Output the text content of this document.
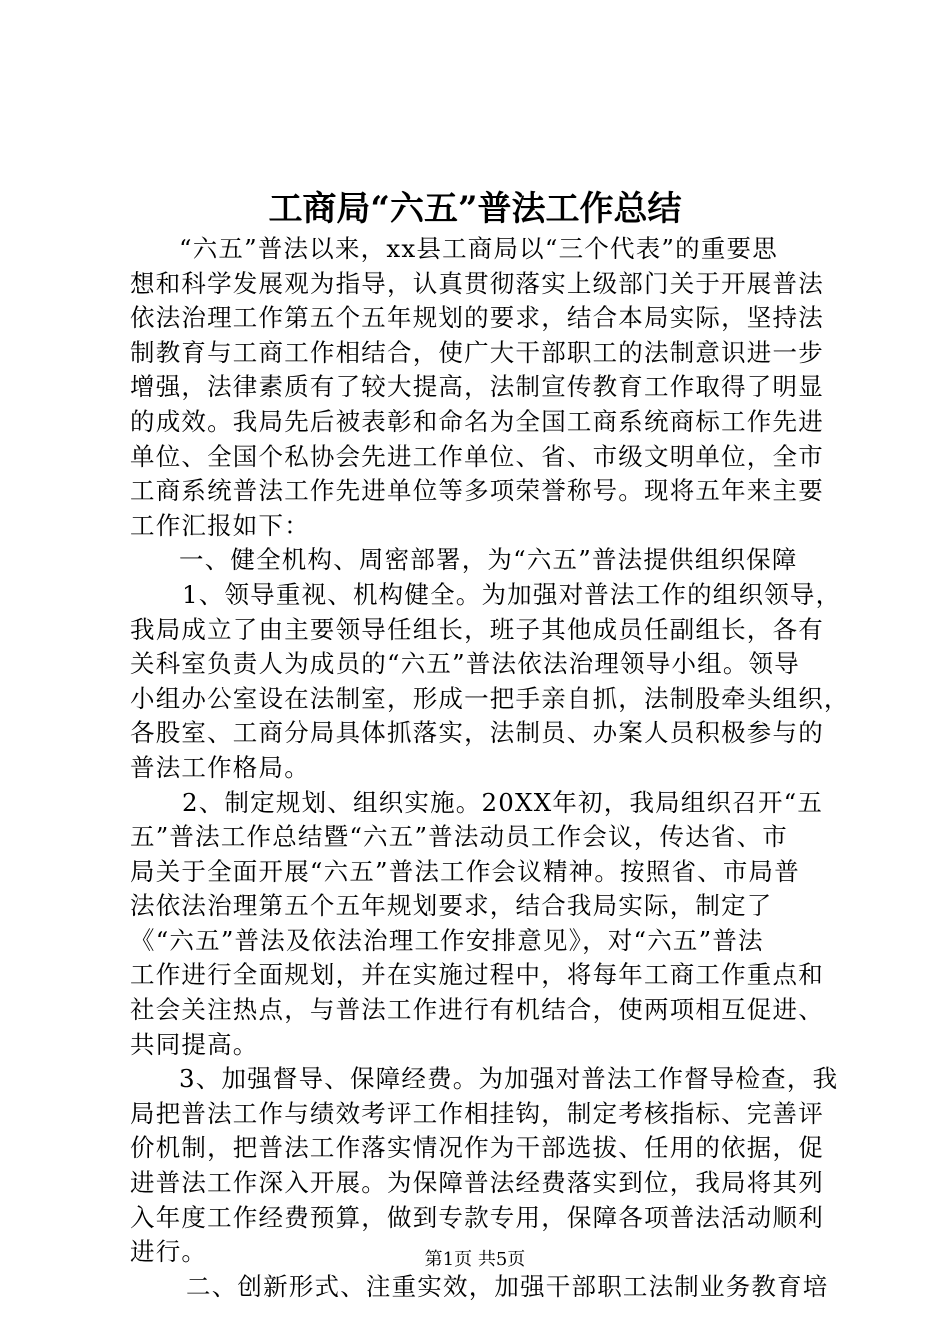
工商局“六五”普法工作总结
“六五”普法以来，xx县工商局以“三个代表”的重要思
想和科学发展观为指导，认真贯彻落实上级部门关于开展普法
依法治理工作第五个五年规划的要求，结合本局实际，坚持法
制教育与工商工作相结合，使广大干部职工的法制意识进一步
增强，法律素质有了较大提高，法制宣传教育工作取得了明显
的成效。我局先后被表彰和命名为全国工商系统商标工作先进
单位、全国个私协会先进工作单位、省、市级文明单位，全市
工商系统普法工作先进单位等多项荣誉称号。现将五年来主要
工作汇报如下：
一、健全机构、周密部署，为“六五”普法提供组织保障
1、领导重视、机构健全。为加强对普法工作的组织领导，
我局成立了由主要领导任组长，班子其他成员任副组长，各有
关科室负责人为成员的“六五”普法依法治理领导小组。领导
小组办公室设在法制室，形成一把手亲自抓，法制股牵头组织，
各股室、工商分局具体抓落实，法制员、办案人员积极参与的
普法工作格局。
2、制定规划、组织实施。20XX年初，我局组织召开“五
五”普法工作总结暨“六五”普法动员工作会议，传达省、市
局关于全面开展“六五”普法工作会议精神。按照省、市局普
法依法治理第五个五年规划要求，结合我局实际，制定了
《“六五”普法及依法治理工作安排意见》，对“六五”普法
工作进行全面规划，并在实施过程中，将每年工商工作重点和
社会关注热点，与普法工作进行有机结合，使两项相互促进、
共同提高。
3、加强督导、保障经费。为加强对普法工作督导检查，我
局把普法工作与绩效考评工作相挂钩，制定考核指标、完善评
价机制，把普法工作落实情况作为干部选拔、任用的依据，促
进普法工作深入开展。为保障普法经费落实到位，我局将其列
入年度工作经费预算，做到专款专用，保障各项普法活动顺利
进行。
二、创新形式、注重实效，加强干部职工法制业务教育培
第1页 共5页
